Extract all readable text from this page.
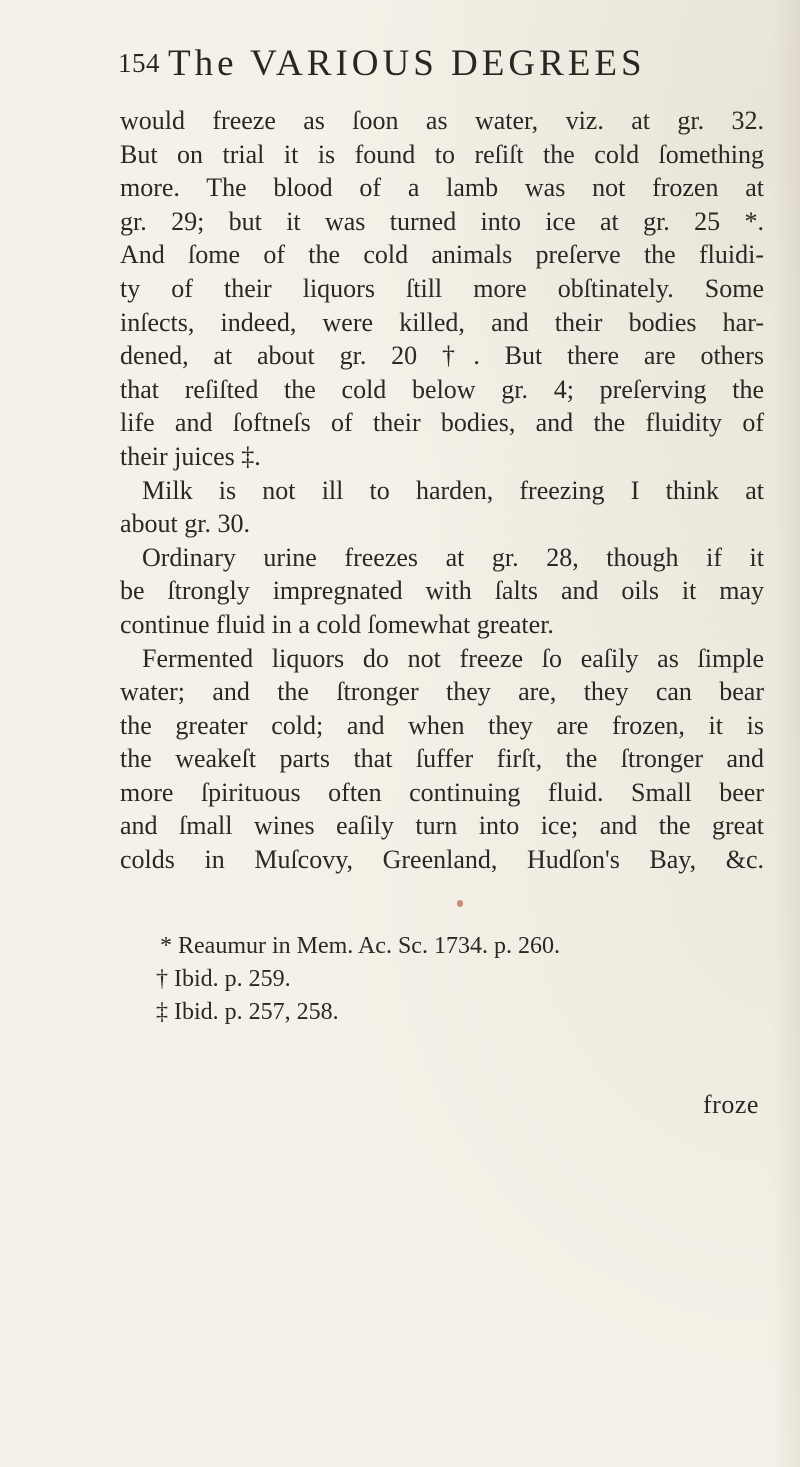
154 The VARIOUS DEGREES
would freeze as ſoon as water, viz. at gr. 32.
But on trial it is found to reſiſt the cold ſomething
more. The blood of a lamb was not frozen at
gr. 29; but it was turned into ice at gr. 25 *.
And ſome of the cold animals preſerve the fluidi-
ty of their liquors ſtill more obſtinately. Some
inſects, indeed, were killed, and their bodies har-
dened, at about gr. 20 †. But there are others
that reſiſted the cold below gr. 4; preſerving the
life and ſoftneſs of their bodies, and the fluidity of
their juices ‡.
Milk is not ill to harden, freezing I think at
about gr. 30.
Ordinary urine freezes at gr. 28, though if it
be ſtrongly impregnated with ſalts and oils it may
continue fluid in a cold ſomewhat greater.
Fermented liquors do not freeze ſo eaſily as ſimple
water; and the ſtronger they are, they can bear
the greater cold; and when they are frozen, it is
the weakeſt parts that ſuffer firſt, the ſtronger and
more ſpirituous often continuing fluid. Small beer
and ſmall wines eaſily turn into ice; and the great
colds in Muſcovy, Greenland, Hudſon's Bay, &c.
* Reaumur in Mem. Ac. Sc. 1734. p. 260.
† Ibid. p. 259.
‡ Ibid. p. 257, 258.
froze
